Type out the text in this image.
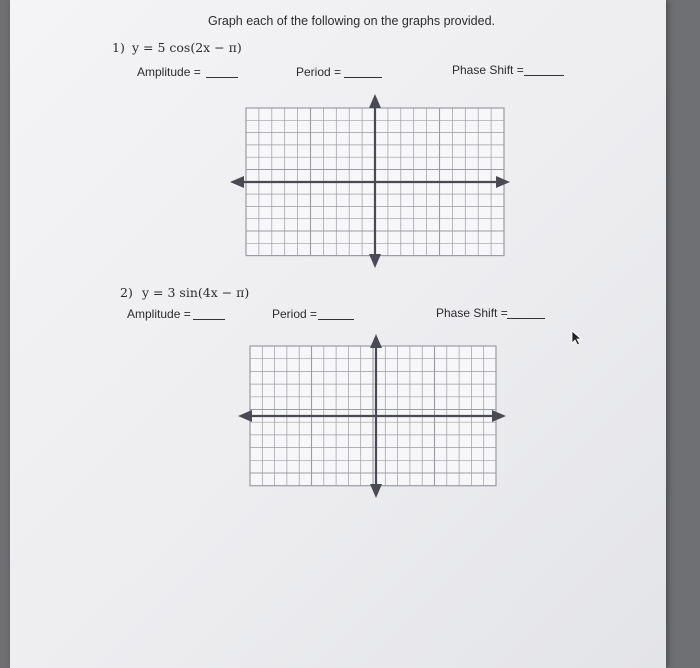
Graph each of the following on the graphs provided.
1) y = 5 cos(2x − π)
Amplitude =	Period =	Phase Shift =
2) y = 3 sin(4x − π)
Amplitude =	Period =	Phase Shift =
